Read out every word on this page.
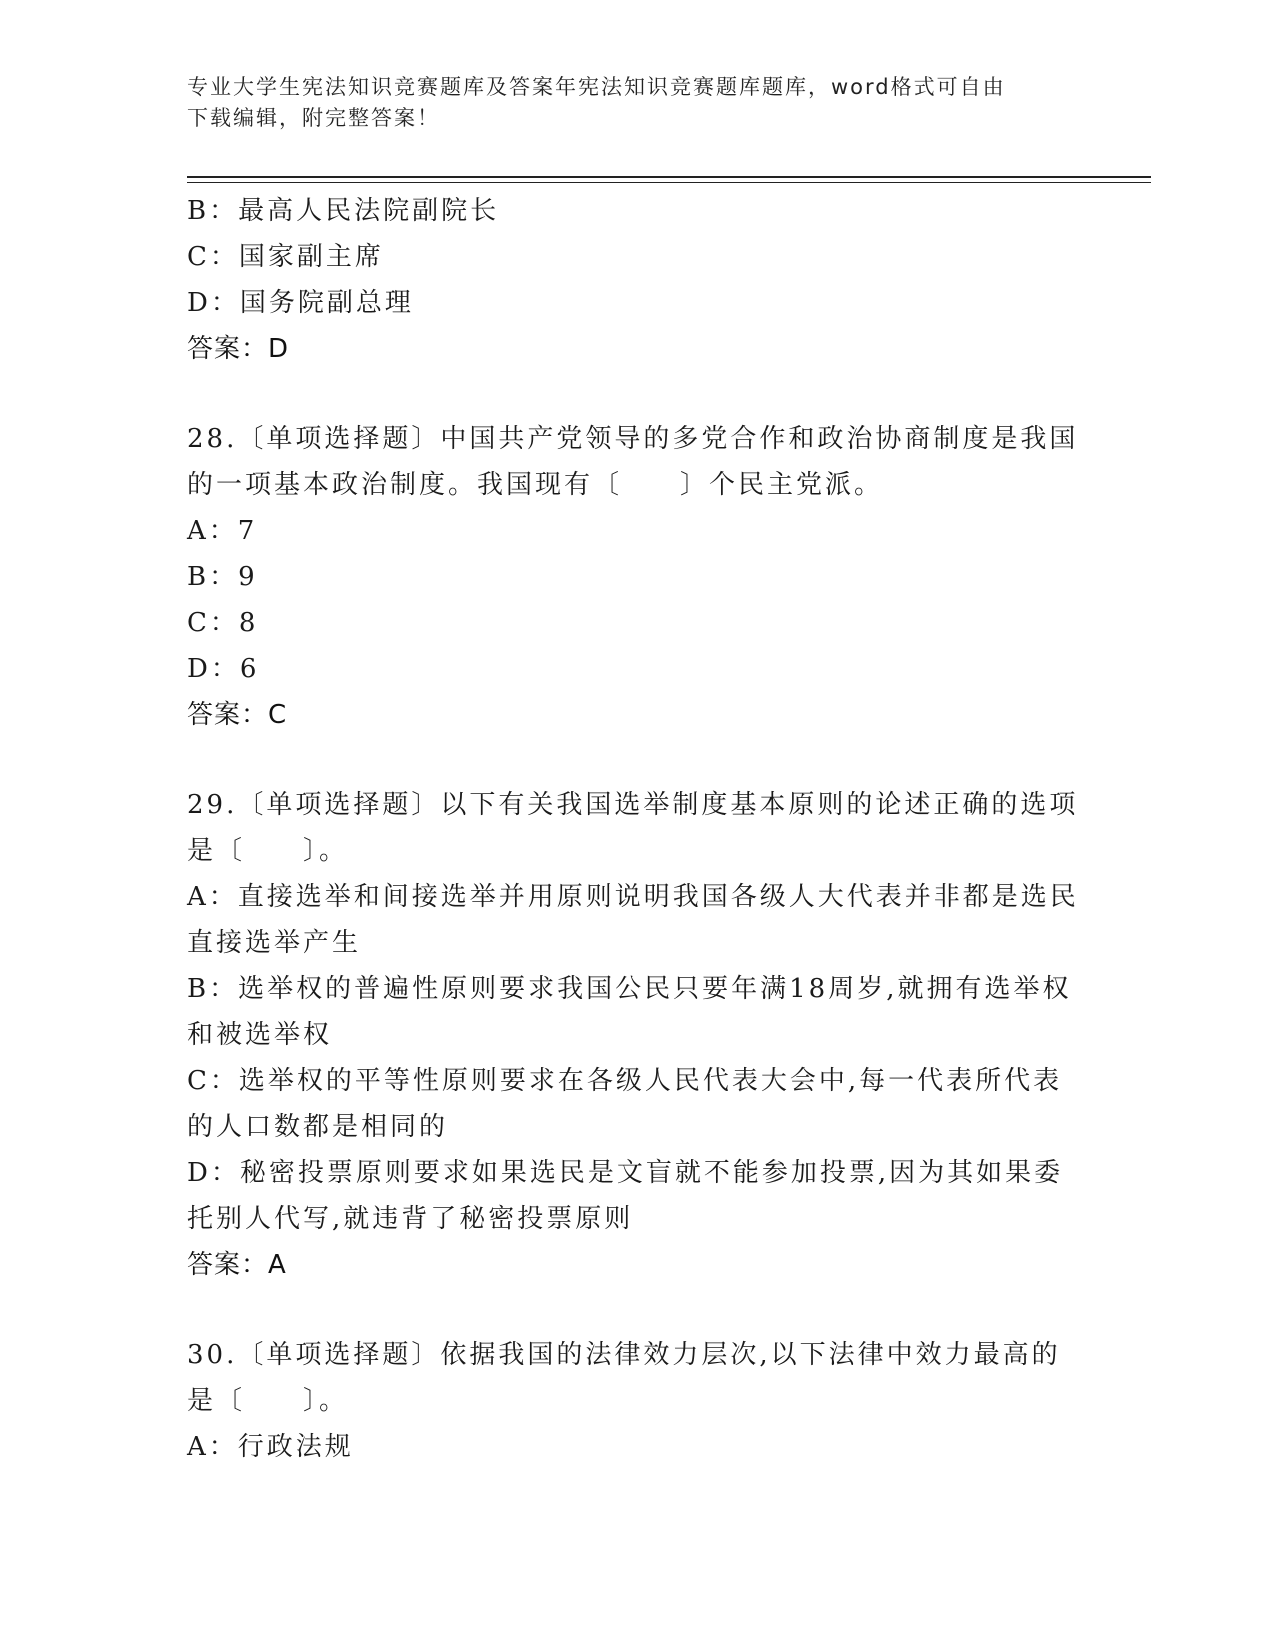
专业大学生宪法知识竞赛题库及答案年宪法知识竞赛题库题库，word格式可自由
下载编辑，附完整答案！
B：最高人民法院副院长
C：国家副主席
D：国务院副总理
答案：D
28.〔单项选择题〕中国共产党领导的多党合作和政治协商制度是我国
的一项基本政治制度。我国现有〔　　〕个民主党派。
A：7
B：9
C：8
D：6
答案：C
29.〔单项选择题〕以下有关我国选举制度基本原则的论述正确的选项
是〔　　〕。
A：直接选举和间接选举并用原则说明我国各级人大代表并非都是选民
直接选举产生
B：选举权的普遍性原则要求我国公民只要年满18周岁,就拥有选举权
和被选举权
C：选举权的平等性原则要求在各级人民代表大会中,每一代表所代表
的人口数都是相同的
D：秘密投票原则要求如果选民是文盲就不能参加投票,因为其如果委
托别人代写,就违背了秘密投票原则
答案：A
30.〔单项选择题〕依据我国的法律效力层次,以下法律中效力最高的
是〔　　〕。
A：行政法规
